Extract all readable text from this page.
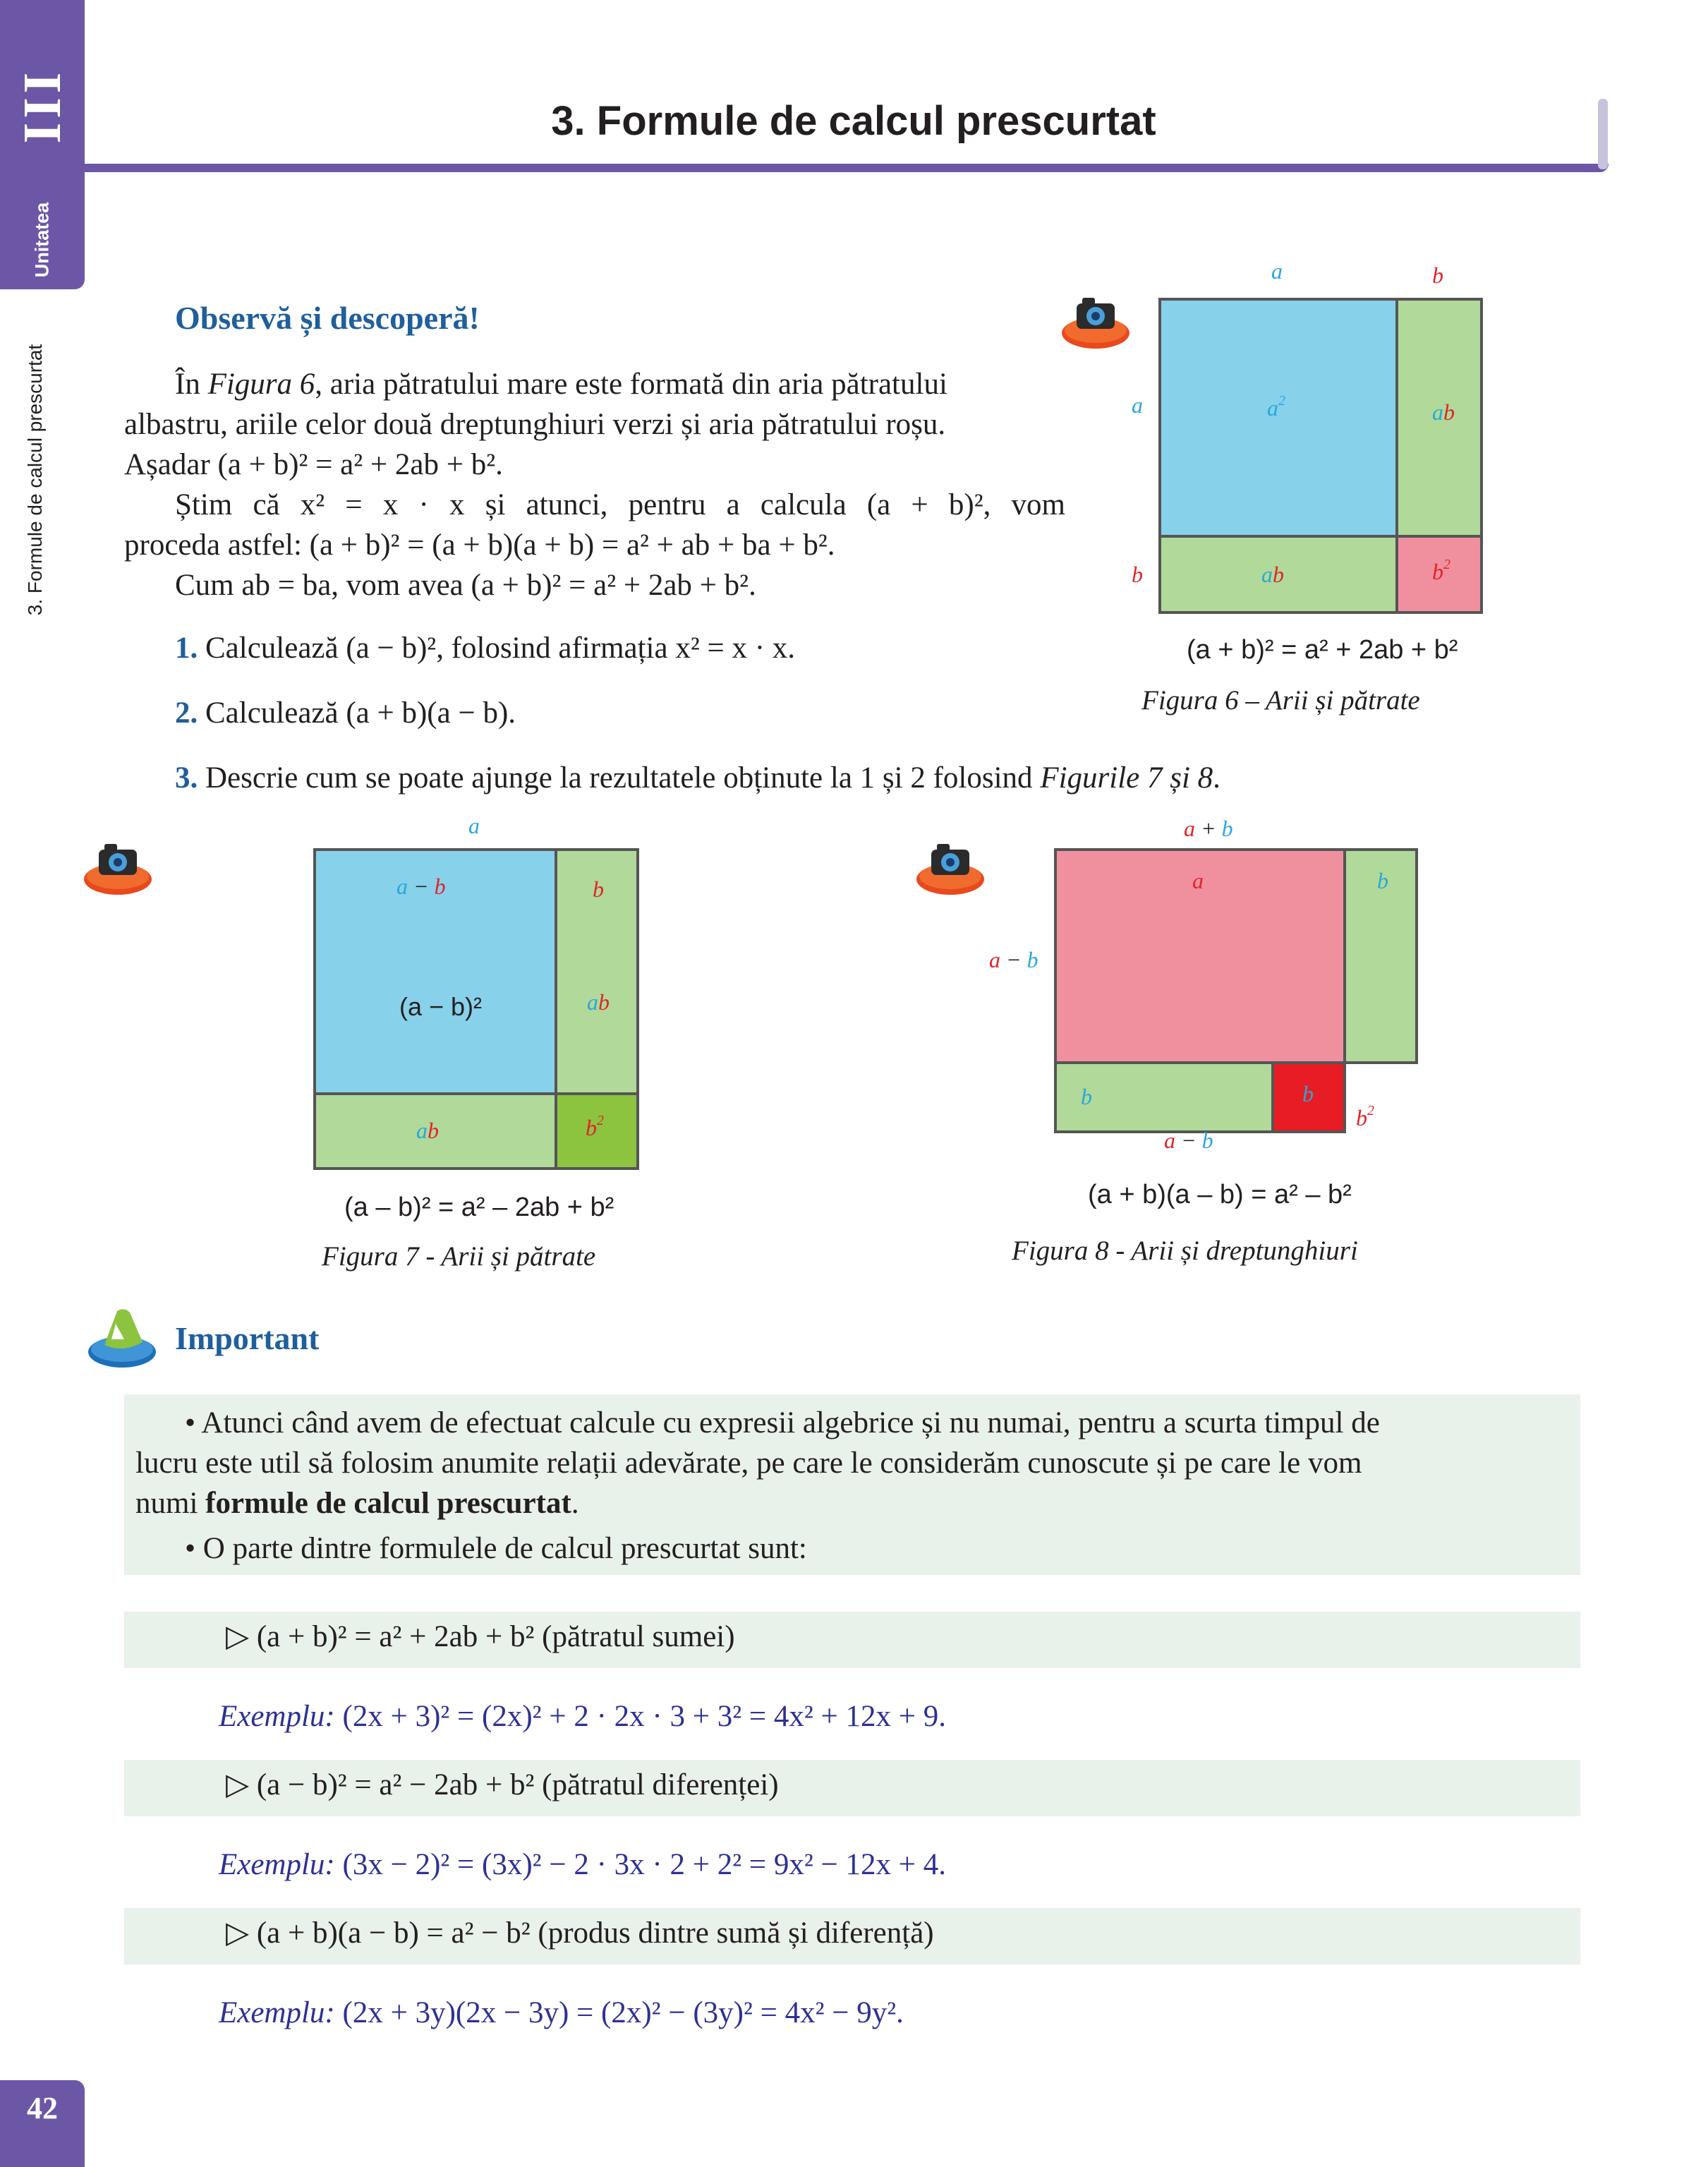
III
Unitatea
3. Formule de calcul prescurtat
42
3. Formule de calcul prescurtat
Observă și descoperă!
În Figura 6, aria pătratului mare este formată din aria pătratului
albastru, ariile celor două dreptunghiuri verzi și aria pătratului roșu.
Așadar (a + b)² = a² + 2ab + b².
Știm că x² = x · x și atunci, pentru a calcula (a + b)², vom
proceda astfel: (a + b)² = (a + b)(a + b) = a² + ab + ba + b².
Cum ab = ba, vom avea (a + b)² = a² + 2ab + b².
1. Calculează (a − b)², folosind afirmația x² = x · x.
2. Calculează (a + b)(a − b).
3. Descrie cum se poate ajunge la rezultatele obținute la 1 și 2 folosind Figurile 7 și 8.
a	b
a
b
$a^2$	ab
ab	$b^2$
(a + b)² = a² + 2ab + b²
Figura 6 – Arii și pătrate
a
a − b	b
(a − b)²	ab
ab	$b^2$
(a – b)² = a² – 2ab + b²
Figura 7 - Arii și pătrate
a + b
a − b
a	b
b	b
$b^2$
a − b
(a + b)(a – b) = a² – b²
Figura 8 - Arii și dreptunghiuri
Important
• Atunci când avem de efectuat calcule cu expresii algebrice și nu numai, pentru a scurta timpul de
lucru este util să folosim anumite relații adevărate, pe care le considerăm cunoscute și pe care le vom
numi formule de calcul prescurtat.
• O parte dintre formulele de calcul prescurtat sunt:
▷ (a + b)² = a² + 2ab + b² (pătratul sumei)
Exemplu: (2x + 3)² = (2x)² + 2 · 2x · 3 + 3² = 4x² + 12x + 9.
▷ (a − b)² = a² − 2ab + b² (pătratul diferenței)
Exemplu: (3x − 2)² = (3x)² − 2 · 3x · 2 + 2² = 9x² − 12x + 4.
▷ (a + b)(a − b) = a² − b² (produs dintre sumă și diferență)
Exemplu: (2x + 3y)(2x − 3y) = (2x)² − (3y)² = 4x² − 9y².
